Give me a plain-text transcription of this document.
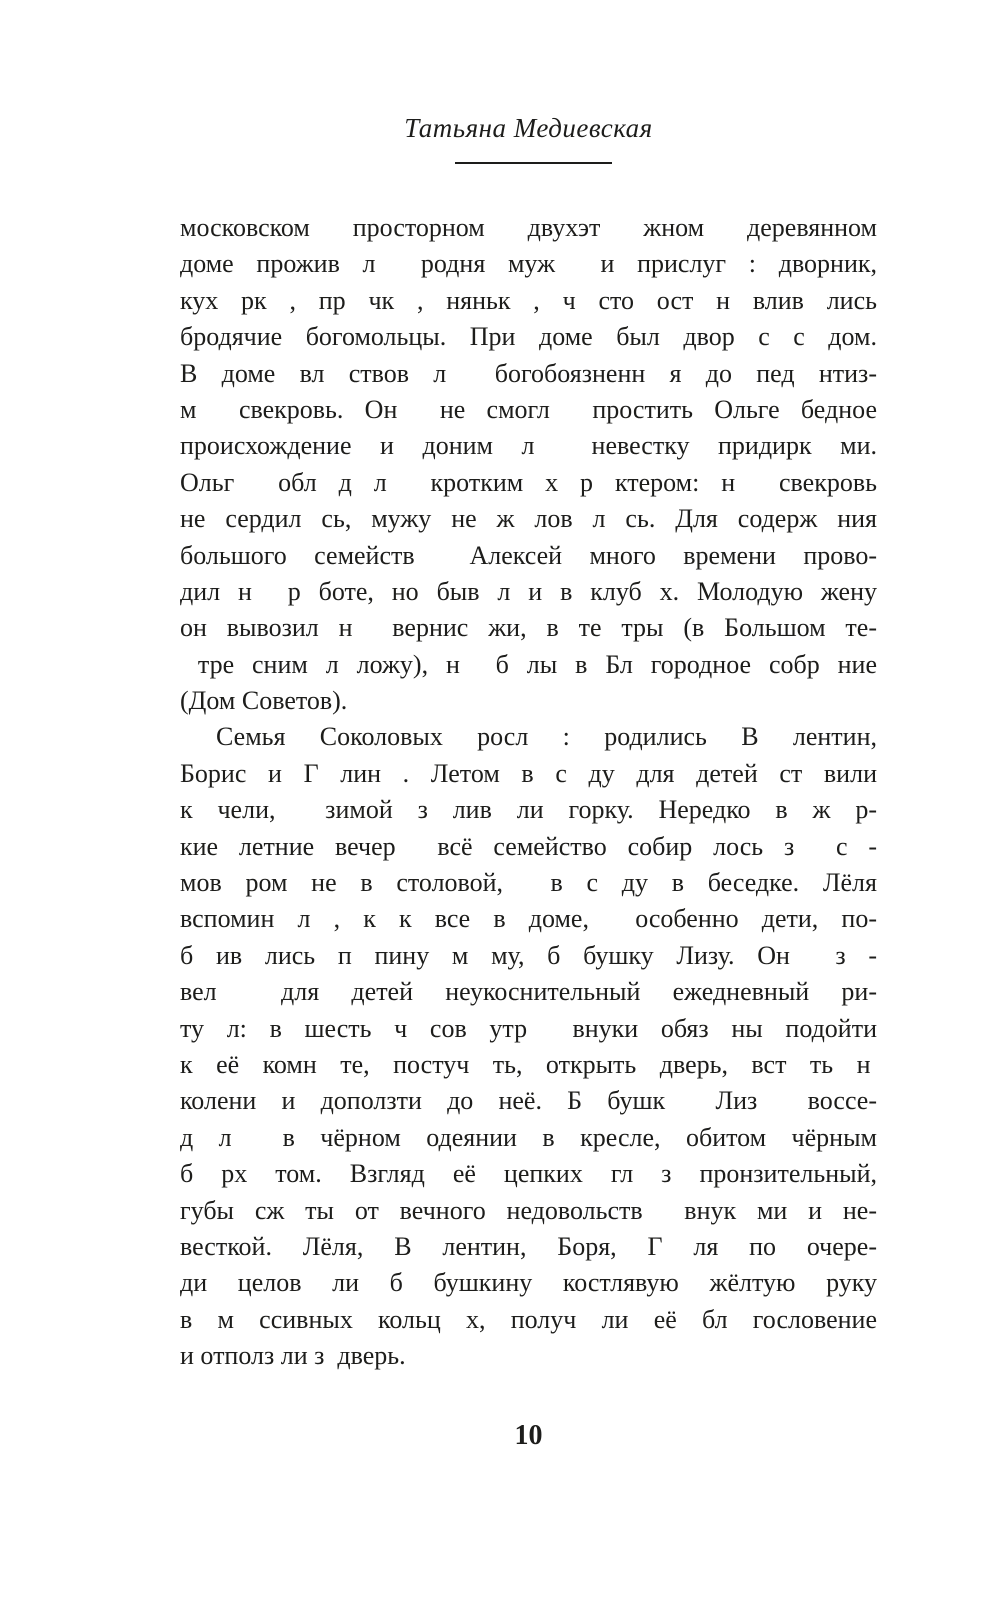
Татьяна Медиевская
московском просторном двухэт жном деревянном
доме прожив л  родня муж  и прислуг : дворник,
кух рк , пр чк , няньк , ч сто ост н влив лись
бродячие богомольцы. При доме был двор с с дом.
В доме вл ствов л  богобоязненн я до пед нтиз-
м  свекровь. Он  не смогл  простить Ольге бедное
происхождение и доним л  невестку придирк ми.
Ольг  обл д л  кротким х р ктером: н  свекровь
не сердил сь, мужу не ж лов л сь. Для содерж ния
большого семейств  Алексей много времени прово-
дил н  р боте, но быв л и в клуб х. Молодую жену
он вывозил н  вернис жи, в те тры (в Большом те-
тре сним л ложу), н  б лы в Бл городное собр ние
(Дом Советов).
Семья Соколовых росл : родились В лентин,
Борис и Г лин . Летом в с ду для детей ст вили
к чели,  зимой з лив ли горку. Нередко в ж р-
кие летние вечер  всё семейство собир лось з  с -
мов ром не в столовой,  в с ду в беседке. Лёля
вспомин л , к к все в доме,  особенно дети, по-
б ив лись п пину м му, б бушку Лизу. Он  з -
вел  для детей неукоснительный ежедневный ри-
ту л: в шесть ч сов утр  внуки обяз ны подойти
к её комн те, постуч ть, открыть дверь, вст ть н
колени и доползти до неё. Б бушк  Лиз  воссе-
д л  в чёрном одеянии в кресле, обитом чёрным
б рх том. Взгляд её цепких гл з пронзительный,
губы сж ты от вечного недовольств  внук ми и не-
весткой. Лёля, В лентин, Боря, Г ля по очере-
ди целов ли б бушкину костлявую жёлтую руку
в м ссивных кольц х, получ ли её бл гословение
и отполз ли з  дверь.
10
